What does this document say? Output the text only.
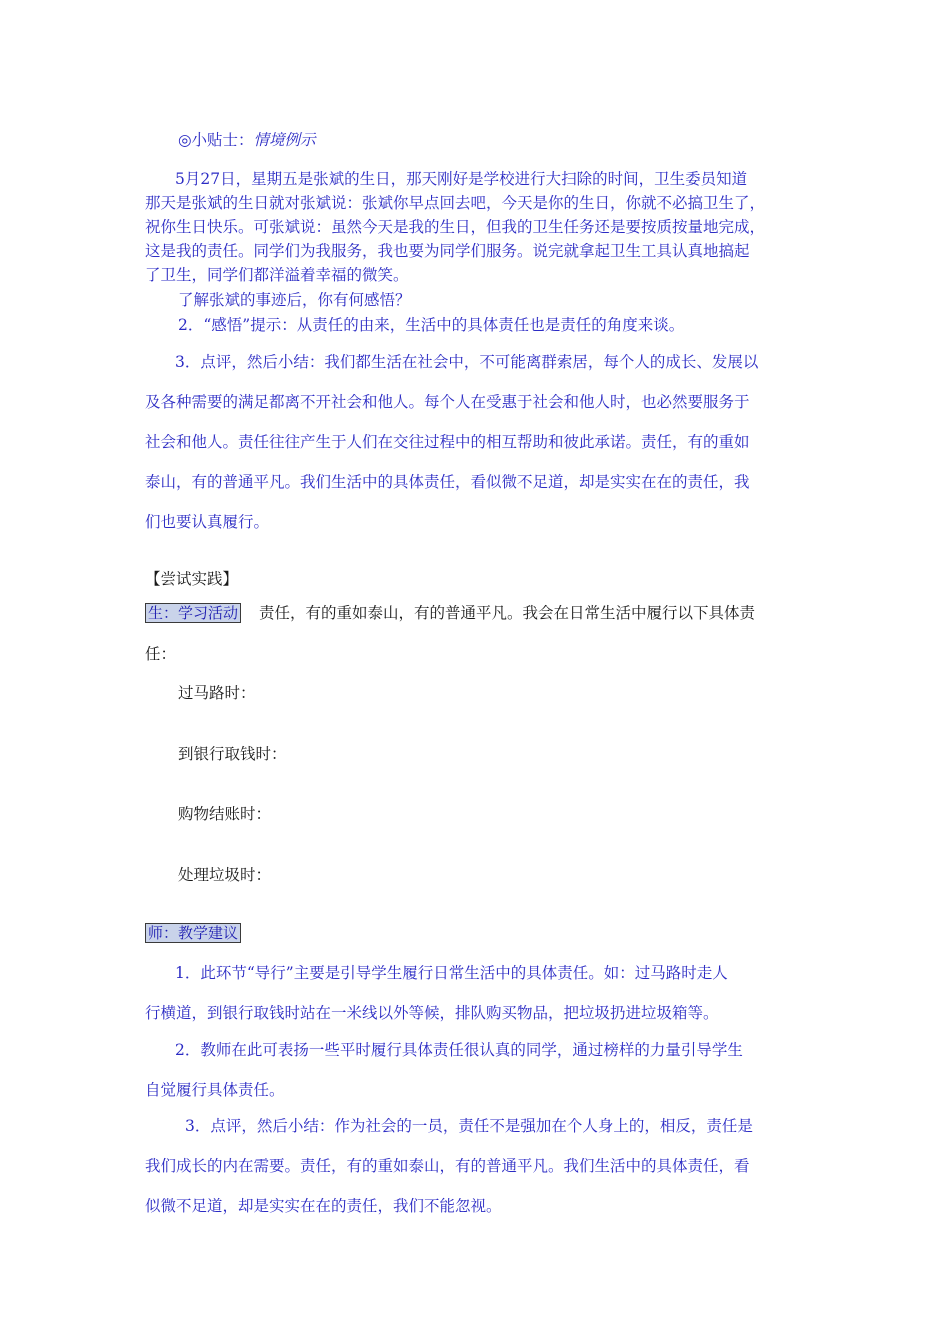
◎小贴士：情境例示
5月27日，星期五是张斌的生日，那天刚好是学校进行大扫除的时间，卫生委员知道
那天是张斌的生日就对张斌说：张斌你早点回去吧，今天是你的生日，你就不必搞卫生了，
祝你生日快乐。可张斌说：虽然今天是我的生日，但我的卫生任务还是要按质按量地完成，
这是我的责任。同学们为我服务，我也要为同学们服务。说完就拿起卫生工具认真地搞起
了卫生，同学们都洋溢着幸福的微笑。
了解张斌的事迹后，你有何感悟？
2．“感悟”提示：从责任的由来，生活中的具体责任也是责任的角度来谈。
3．点评，然后小结：我们都生活在社会中，不可能离群索居，每个人的成长、发展以
及各种需要的满足都离不开社会和他人。每个人在受惠于社会和他人时，也必然要服务于
社会和他人。责任往往产生于人们在交往过程中的相互帮助和彼此承诺。责任，有的重如
泰山，有的普通平凡。我们生活中的具体责任，看似微不足道，却是实实在在的责任，我
们也要认真履行。
【尝试实践】
生：学习活动 责任，有的重如泰山，有的普通平凡。我会在日常生活中履行以下具体责
任：
过马路时：
到银行取钱时：
购物结账时：
处理垃圾时：
师：教学建议
1．此环节“导行”主要是引导学生履行日常生活中的具体责任。如：过马路时走人
行横道，到银行取钱时站在一米线以外等候，排队购买物品，把垃圾扔进垃圾箱等。
2．教师在此可表扬一些平时履行具体责任很认真的同学，通过榜样的力量引导学生
自觉履行具体责任。
3．点评，然后小结：作为社会的一员，责任不是强加在个人身上的，相反，责任是
我们成长的内在需要。责任，有的重如泰山，有的普通平凡。我们生活中的具体责任，看
似微不足道，却是实实在在的责任，我们不能忽视。
